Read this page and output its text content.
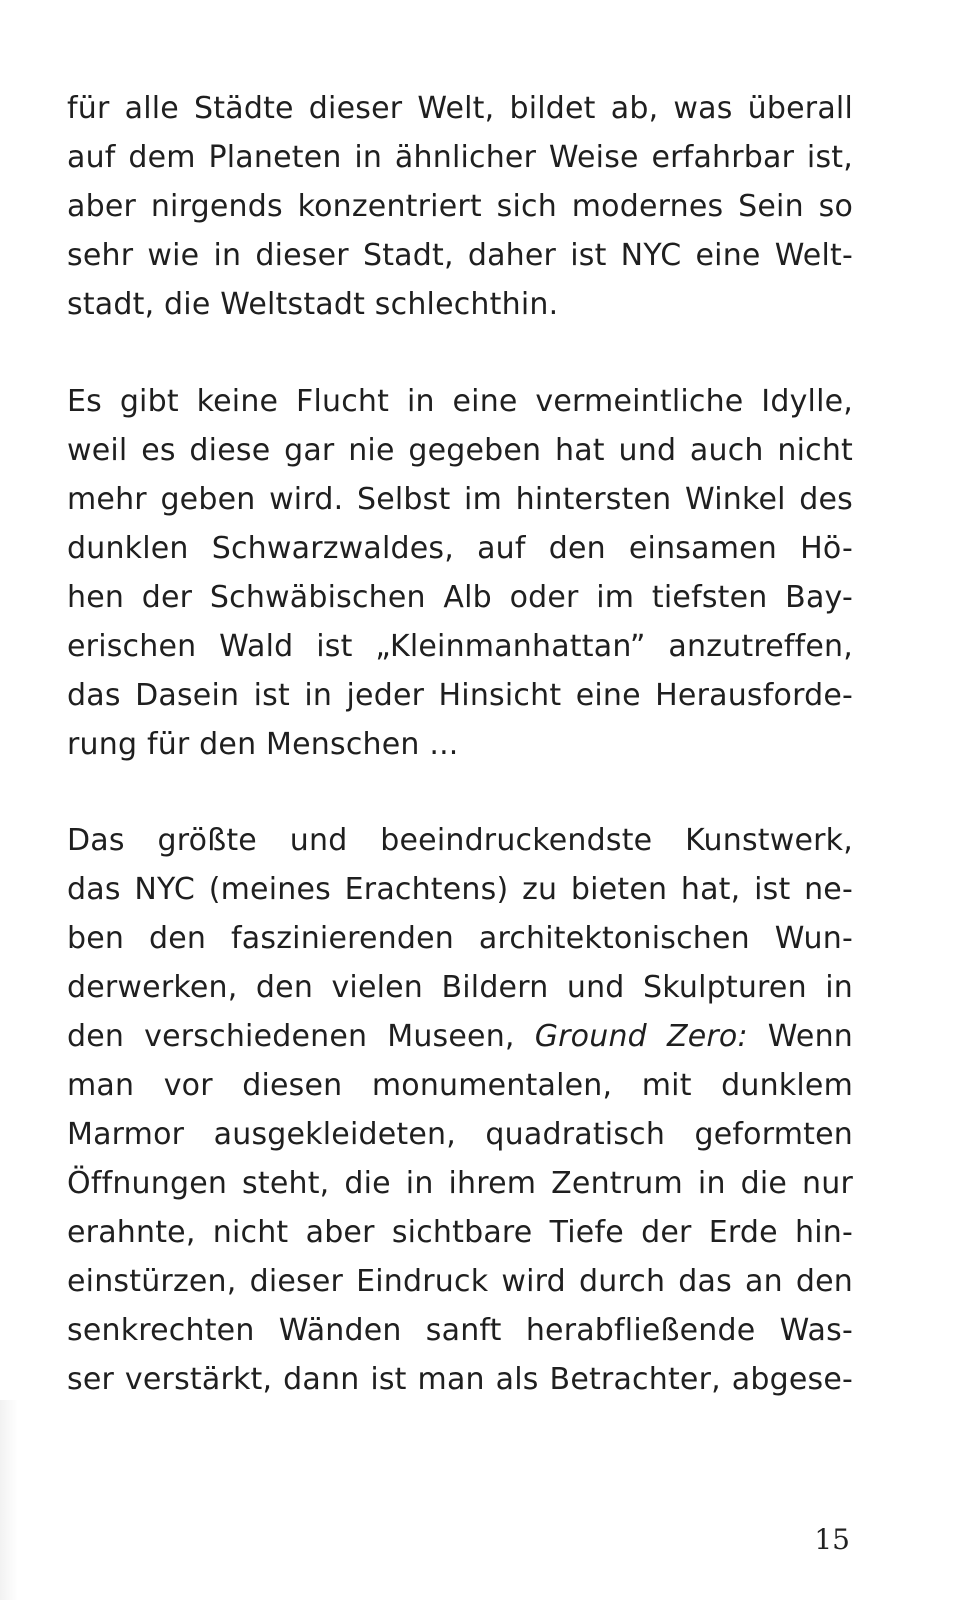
für alle Städte dieser Welt, bildet ab, was überall
auf dem Planeten in ähnlicher Weise erfahrbar ist,
aber nirgends konzentriert sich modernes Sein so
sehr wie in dieser Stadt, daher ist NYC eine Welt-
stadt, die Weltstadt schlechthin.
Es gibt keine Flucht in eine vermeintliche Idylle,
weil es diese gar nie gegeben hat und auch nicht
mehr geben wird. Selbst im hintersten Winkel des
dunklen Schwarzwaldes, auf den einsamen Hö-
hen der Schwäbischen Alb oder im tiefsten Bay-
erischen Wald ist „Kleinmanhattan” anzutreffen,
das Dasein ist in jeder Hinsicht eine Herausforde-
rung für den Menschen ...
Das größte und beeindruckendste Kunstwerk,
das NYC (meines Erachtens) zu bieten hat, ist ne-
ben den faszinierenden architektonischen Wun-
derwerken, den vielen Bildern und Skulpturen in
den verschiedenen Museen, Ground Zero: Wenn
man vor diesen monumentalen, mit dunklem
Marmor ausgekleideten, quadratisch geformten
Öffnungen steht, die in ihrem Zentrum in die nur
erahnte, nicht aber sichtbare Tiefe der Erde hin-
einstürzen, dieser Eindruck wird durch das an den
senkrechten Wänden sanft herabfließende Was-
ser verstärkt, dann ist man als Betrachter, abgese-
15
